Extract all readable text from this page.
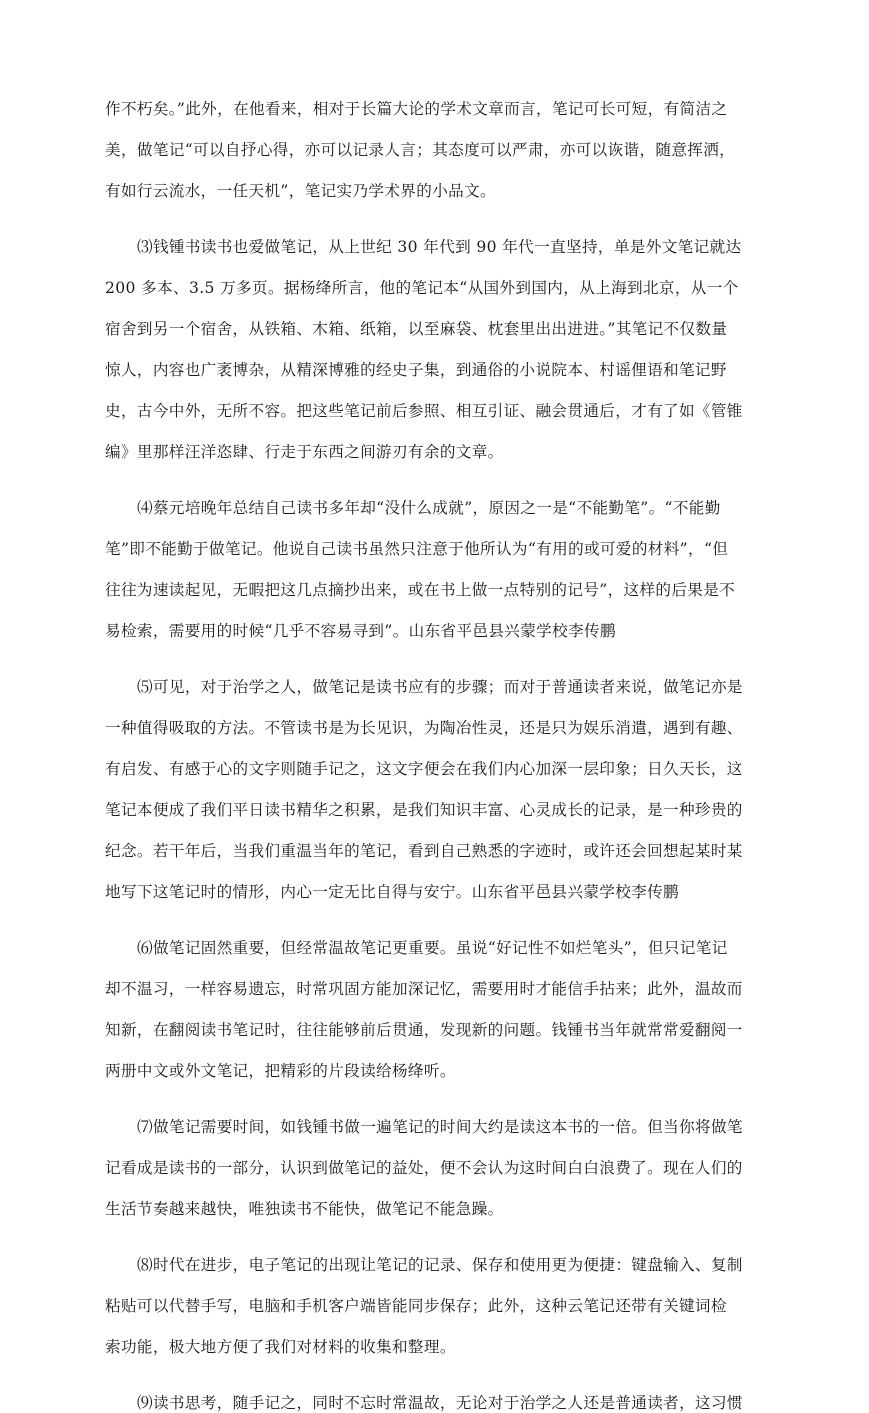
作不朽矣。”此外，在他看来，相对于长篇大论的学术文章而言，笔记可长可短，有简洁之
美，做笔记“可以自抒心得，亦可以记录人言；其态度可以严肃，亦可以诙谐，随意挥洒，
有如行云流水，一任天机”，笔记实乃学术界的小品文。
⑶钱锺书读书也爱做笔记，从上世纪 30 年代到 90 年代一直坚持，单是外文笔记就达
200 多本、3.5 万多页。据杨绛所言，他的笔记本“从国外到国内，从上海到北京，从一个
宿舍到另一个宿舍，从铁箱、木箱、纸箱，以至麻袋、枕套里出出进进。”其笔记不仅数量
惊人，内容也广袤博杂，从精深博雅的经史子集，到通俗的小说院本、村谣俚语和笔记野
史，古今中外，无所不容。把这些笔记前后参照、相互引证、融会贯通后，才有了如《管锥
编》里那样汪洋恣肆、行走于东西之间游刃有余的文章。
⑷蔡元培晚年总结自己读书多年却“没什么成就”，原因之一是“不能勤笔”。“不能勤
笔”即不能勤于做笔记。他说自己读书虽然只注意于他所认为“有用的或可爱的材料”，“但
往往为速读起见，无暇把这几点摘抄出来，或在书上做一点特别的记号”，这样的后果是不
易检索，需要用的时候“几乎不容易寻到”。山东省平邑县兴蒙学校李传鹏
⑸可见，对于治学之人，做笔记是读书应有的步骤；而对于普通读者来说，做笔记亦是
一种值得吸取的方法。不管读书是为长见识，为陶冶性灵，还是只为娱乐消遣，遇到有趣、
有启发、有感于心的文字则随手记之，这文字便会在我们内心加深一层印象；日久天长，这
笔记本便成了我们平日读书精华之积累，是我们知识丰富、心灵成长的记录，是一种珍贵的
纪念。若干年后，当我们重温当年的笔记，看到自己熟悉的字迹时，或许还会回想起某时某
地写下这笔记时的情形，内心一定无比自得与安宁。山东省平邑县兴蒙学校李传鹏
⑹做笔记固然重要，但经常温故笔记更重要。虽说“好记性不如烂笔头”，但只记笔记
却不温习，一样容易遗忘，时常巩固方能加深记忆，需要用时才能信手拈来；此外，温故而
知新，在翻阅读书笔记时，往往能够前后贯通，发现新的问题。钱锺书当年就常常爱翻阅一
两册中文或外文笔记，把精彩的片段读给杨绛听。
⑺做笔记需要时间，如钱锺书做一遍笔记的时间大约是读这本书的一倍。但当你将做笔
记看成是读书的一部分，认识到做笔记的益处，便不会认为这时间白白浪费了。现在人们的
生活节奏越来越快，唯独读书不能快，做笔记不能急躁。
⑻时代在进步，电子笔记的出现让笔记的记录、保存和使用更为便捷：键盘输入、复制
粘贴可以代替手写，电脑和手机客户端皆能同步保存；此外，这种云笔记还带有关键词检
索功能，极大地方便了我们对材料的收集和整理。
⑼读书思考，随手记之，同时不忘时常温故，无论对于治学之人还是普通读者，这习惯
